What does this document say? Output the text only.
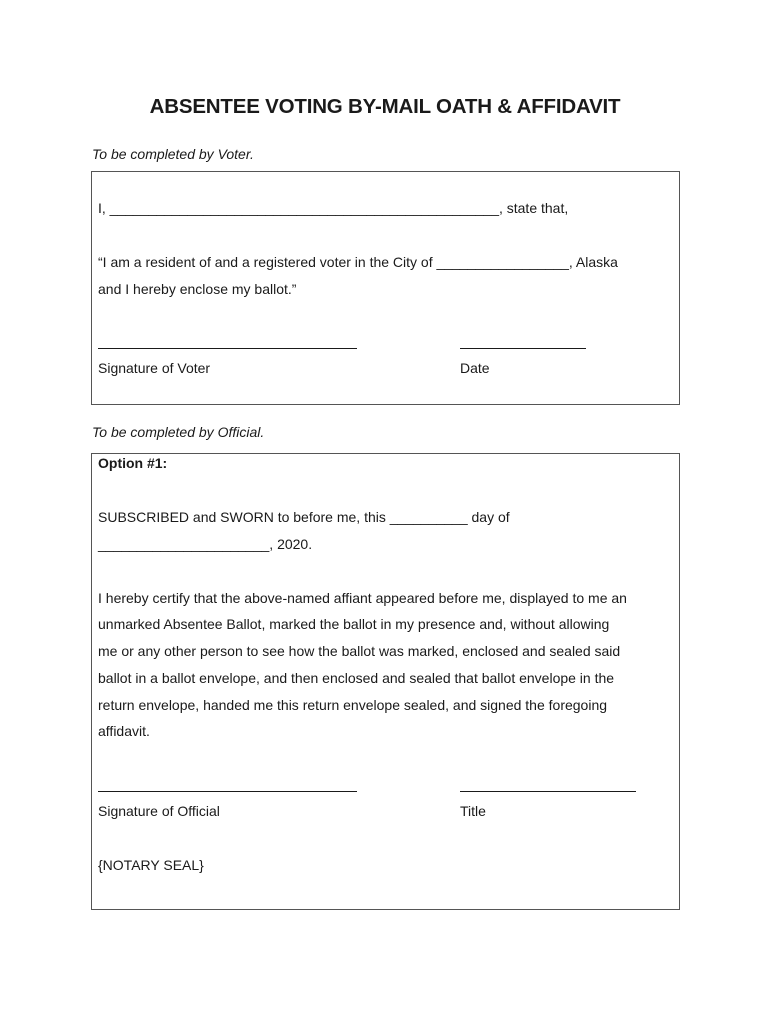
ABSENTEE VOTING BY-MAIL OATH & AFFIDAVIT
To be completed by Voter.
I, __________________________________________________, state that,
“I am a resident of and a registered voter in the City of _________________, Alaska
and I hereby enclose my ballot.”
Signature of Voter	Date
To be completed by Official.
Option #1:
SUBSCRIBED and SWORN to before me, this __________ day of
______________________, 2020.
I hereby certify that the above-named affiant appeared before me, displayed to me an
unmarked Absentee Ballot, marked the ballot in my presence and, without allowing
me or any other person to see how the ballot was marked, enclosed and sealed said
ballot in a ballot envelope, and then enclosed and sealed that ballot envelope in the
return envelope, handed me this return envelope sealed, and signed the foregoing
affidavit.
Signature of Official	Title
{NOTARY SEAL}
